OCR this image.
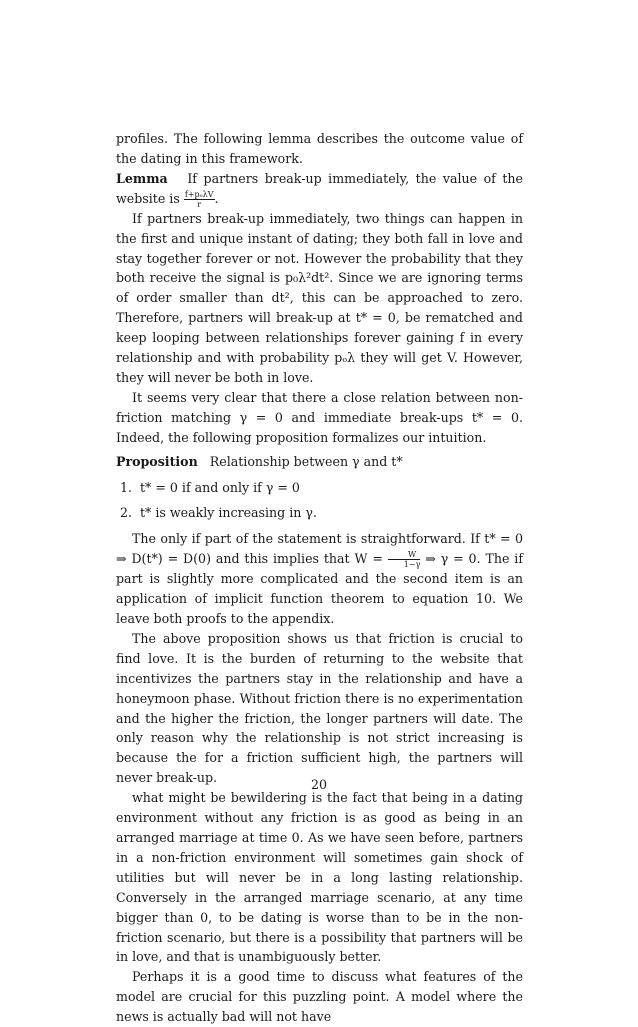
profiles. The following lemma describes the outcome value of the dating in this framework.

Lemma If partners break-up immediately, the value of the website is $\frac{\text{f+pₒλV}}{r}$ .

If partners break-up immediately, two things can happen in the first and unique instant of dating; they both fall in love and stay together forever or not. However the probability that they both receive the signal is p₀λ²dt². Since we are ignoring terms of order smaller than dt², this can be approached to zero. Therefore, partners will break-up at t* = 0, be rematched and keep looping between relationships forever gaining f in every relationship and with probability pₒλ they will get V. However, they will never be both in love.

It seems very clear that there a close relation between non-friction matching γ = 0 and immediate break-ups t* = 0. Indeed, the following proposition formalizes our intuition.

Proposition Relationship between γ and t*

1. t* = 0 if and only if γ = 0
2. t* is weakly increasing in γ.

The only if part of the statement is straightforward. If t* = 0 ⇒ D(t*) = D(0) and this implies that $W = \frac{W}{1-\gamma}$ ⇒ γ = 0. The if part is slightly more complicated and the second item is an application of implicit function theorem to equation 10. We leave both proofs to the appendix.

The above proposition shows us that friction is crucial to find love. It is the burden of returning to the website that incentivizes the partners stay in the relationship and have a honeymoon phase. Without friction there is no experimentation and the higher the friction, the longer partners will date. The only reason why the relationship is not strict increasing is because the for a friction sufficient high, the partners will never break-up.

what might be bewildering is the fact that being in a dating environment without any friction is as good as being in an arranged marriage at time 0. As we have seen before, partners in a non-friction environment will sometimes gain shock of utilities but will never be in a long lasting relationship. Conversely in the arranged marriage scenario, at any time bigger than 0, to be dating is worse than to be in the non-friction scenario, but there is a possibility that partners will be in love, and that is unambiguously better.

Perhaps it is a good time to discuss what features of the model are crucial for this puzzling point. A model where the news is actually bad will not have

20
